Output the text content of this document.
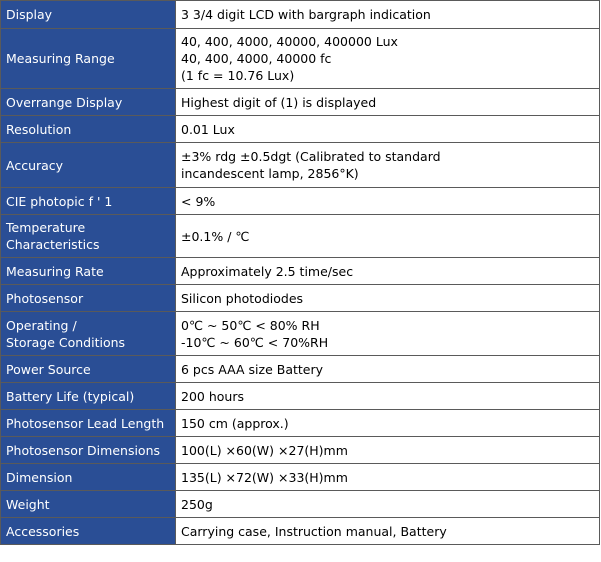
Display	3 3/4 digit LCD with bargraph indication
Measuring Range	40, 400, 4000, 40000, 400000 Lux
40, 400, 4000, 40000 fc
(1 fc = 10.76 Lux)
Overrange Display	Highest digit of (1) is displayed
Resolution	0.01 Lux
Accuracy	±3% rdg ±0.5dgt (Calibrated to standard
incandescent lamp, 2856°K)
CIE photopic f ' 1	< 9%
Temperature
Characteristics	±0.1% / ℃
Measuring Rate	Approximately 2.5 time/sec
Photosensor	Silicon photodiodes
Operating /
Storage Conditions	0℃ ~ 50℃ < 80% RH
-10℃ ~ 60℃ < 70%RH
Power Source	6 pcs AAA size Battery
Battery Life (typical)	200 hours
Photosensor Lead Length	150 cm (approx.)
Photosensor Dimensions	100(L) ×60(W) ×27(H)mm
Dimension	135(L) ×72(W) ×33(H)mm
Weight	250g
Accessories	Carrying case, Instruction manual, Battery
